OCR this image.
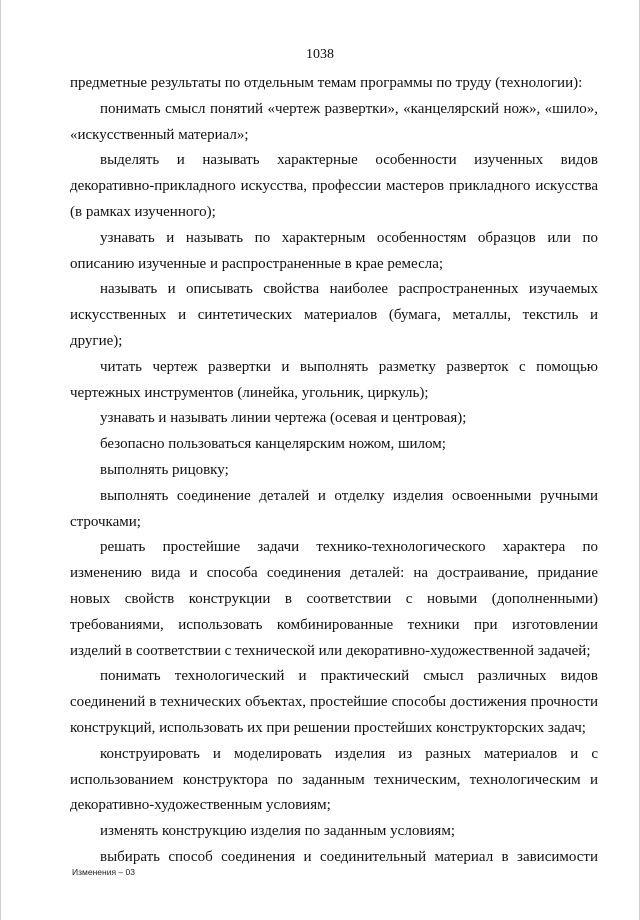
1038

предметные результаты по отдельным темам программы по труду (технологии):

понимать смысл понятий «чертеж развертки», «канцелярский нож», «шило», «искусственный материал»;

выделять и называть характерные особенности изученных видов декоративно-прикладного искусства, профессии мастеров прикладного искусства (в рамках изученного);

узнавать и называть по характерным особенностям образцов или по описанию изученные и распространенные в крае ремесла;

называть и описывать свойства наиболее распространенных изучаемых искусственных и синтетических материалов (бумага, металлы, текстиль и другие);

читать чертеж развертки и выполнять разметку разверток с помощью чертежных инструментов (линейка, угольник, циркуль);

узнавать и называть линии чертежа (осевая и центровая);

безопасно пользоваться канцелярским ножом, шилом;

выполнять рицовку;

выполнять соединение деталей и отделку изделия освоенными ручными строчками;

решать простейшие задачи технико-технологического характера по изменению вида и способа соединения деталей: на достраивание, придание новых свойств конструкции в соответствии с новыми (дополненными) требованиями, использовать комбинированные техники при изготовлении изделий в соответствии с технической или декоративно-художественной задачей;

понимать технологический и практический смысл различных видов соединений в технических объектах, простейшие способы достижения прочности конструкций, использовать их при решении простейших конструкторских задач;

конструировать и моделировать изделия из разных материалов и с использованием конструктора по заданным техническим, технологическим и декоративно-художественным условиям;

изменять конструкцию изделия по заданным условиям;

выбирать способ соединения и соединительный материал в зависимости

Изменения – 03
